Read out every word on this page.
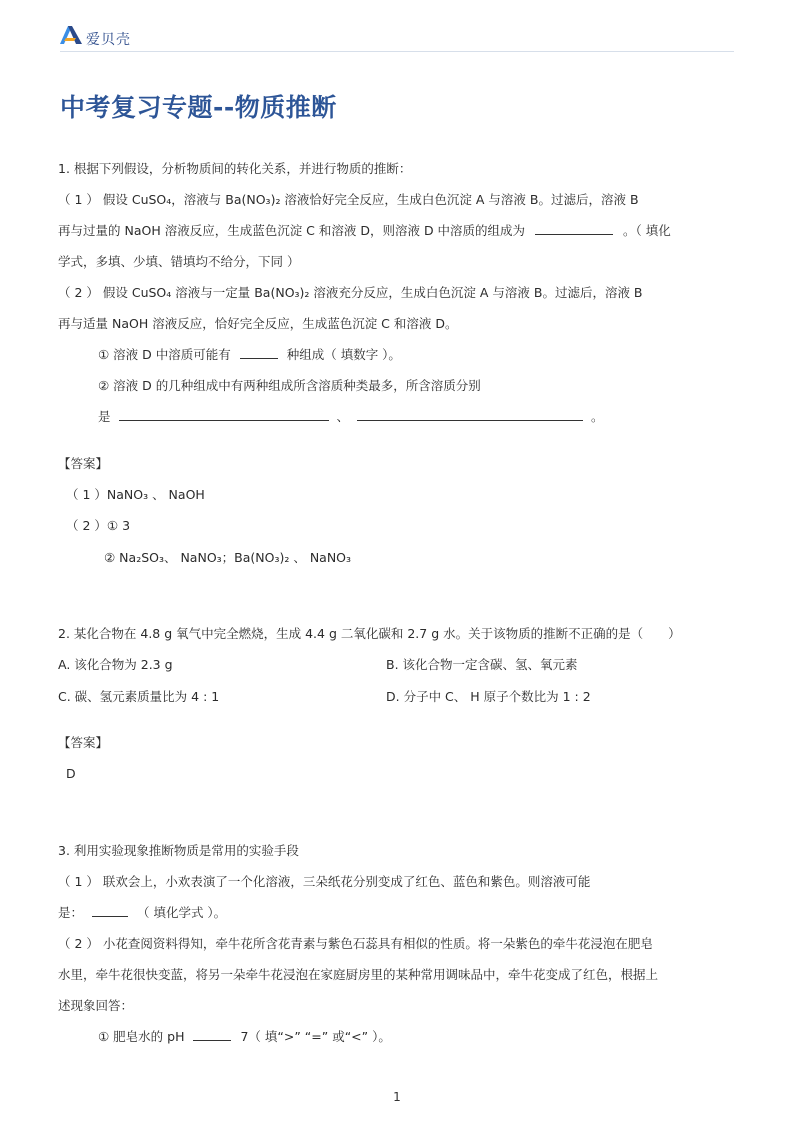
爱贝壳
中考复习专题--物质推断
1. 根据下列假设，分析物质间的转化关系，并进行物质的推断：
（ 1 ） 假设 CuSO₄，溶液与 Ba(NO₃)₂ 溶液恰好完全反应，生成白色沉淀 A 与溶液 B。过滤后，溶液 B
再与过量的 NaOH 溶液反应，生成蓝色沉淀 C 和溶液 D，则溶液 D 中溶质的组成为	。（ 填化
学式，多填、少填、错填均不给分，下同 ）
（ 2 ） 假设 CuSO₄ 溶液与一定量 Ba(NO₃)₂ 溶液充分反应，生成白色沉淀 A 与溶液 B。过滤后，溶液 B
再与适量 NaOH 溶液反应，恰好完全反应，生成蓝色沉淀 C 和溶液 D。
① 溶液 D 中溶质可能有	种组成（ 填数字 ）。
② 溶液 D 的几种组成中有两种组成所含溶质种类最多，所含溶质分别
是	、	。
【答案】
（ 1 ）NaNO₃ 、 NaOH
（ 2 ）① 3
② Na₂SO₃、 NaNO₃；Ba(NO₃)₂ 、 NaNO₃
2. 某化合物在 4.8 g 氧气中完全燃烧，生成 4.4 g 二氧化碳和 2.7 g 水。关于该物质的推断不正确的是（　　）
A. 该化合物为 2.3 g	B. 该化合物一定含碳、氢、氧元素
C. 碳、氢元素质量比为 4 : 1	D. 分子中 C、 H 原子个数比为 1 : 2
【答案】
D
3. 利用实验现象推断物质是常用的实验手段
（ 1 ） 联欢会上，小欢表演了一个化溶液，三朵纸花分别变成了红色、蓝色和紫色。则溶液可能
是：	（ 填化学式 ）。
（ 2 ） 小花查阅资料得知，牵牛花所含花青素与紫色石蕊具有相似的性质。将一朵紫色的牵牛花浸泡在肥皂
水里，牵牛花很快变蓝，将另一朵牵牛花浸泡在家庭厨房里的某种常用调味品中，牵牛花变成了红色，根据上
述现象回答：
① 肥皂水的 pH	7（ 填“>” “=” 或“<” ）。
1
